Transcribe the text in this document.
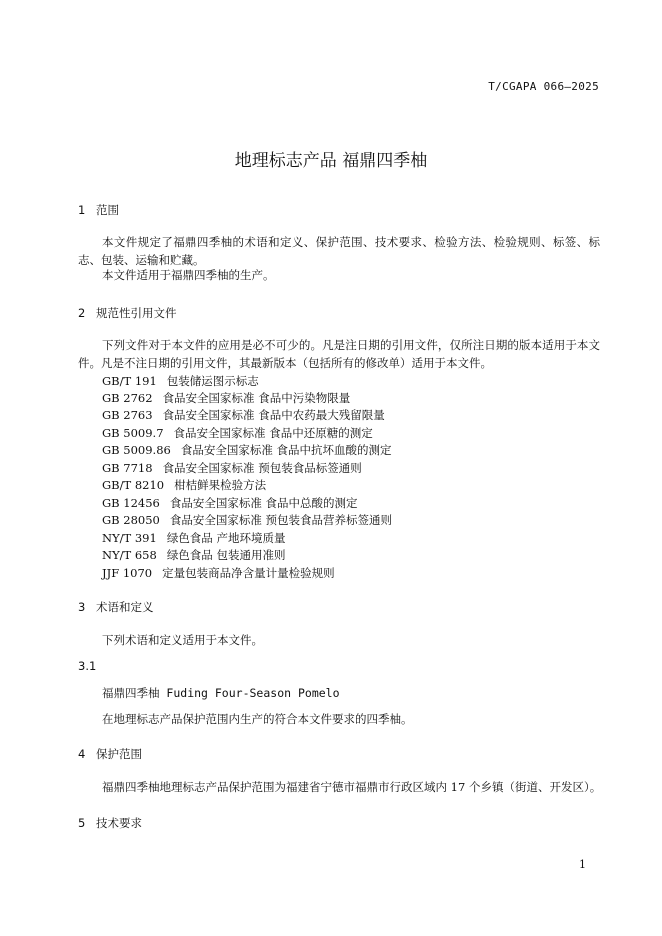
T/CGAPA 066—2025
地理标志产品 福鼎四季柚
1 范围
本文件规定了福鼎四季柚的术语和定义、保护范围、技术要求、检验方法、检验规则、标签、标志、包装、运输和贮藏。
本文件适用于福鼎四季柚的生产。
2 规范性引用文件
下列文件对于本文件的应用是必不可少的。凡是注日期的引用文件，仅所注日期的版本适用于本文件。凡是不注日期的引用文件，其最新版本（包括所有的修改单）适用于本文件。
GB/T 191 包装储运图示标志
GB 2762 食品安全国家标准 食品中污染物限量
GB 2763 食品安全国家标准 食品中农药最大残留限量
GB 5009.7 食品安全国家标准 食品中还原糖的测定
GB 5009.86 食品安全国家标准 食品中抗坏血酸的测定
GB 7718 食品安全国家标准 预包装食品标签通则
GB/T 8210 柑桔鲜果检验方法
GB 12456 食品安全国家标准 食品中总酸的测定
GB 28050 食品安全国家标准 预包装食品营养标签通则
NY/T 391 绿色食品 产地环境质量
NY/T 658 绿色食品 包装通用准则
JJF 1070 定量包装商品净含量计量检验规则
3 术语和定义
下列术语和定义适用于本文件。
3.1
福鼎四季柚 Fuding Four-Season Pomelo
在地理标志产品保护范围内生产的符合本文件要求的四季柚。
4 保护范围
福鼎四季柚地理标志产品保护范围为福建省宁德市福鼎市行政区域内 17 个乡镇（街道、开发区）。
5 技术要求
1
